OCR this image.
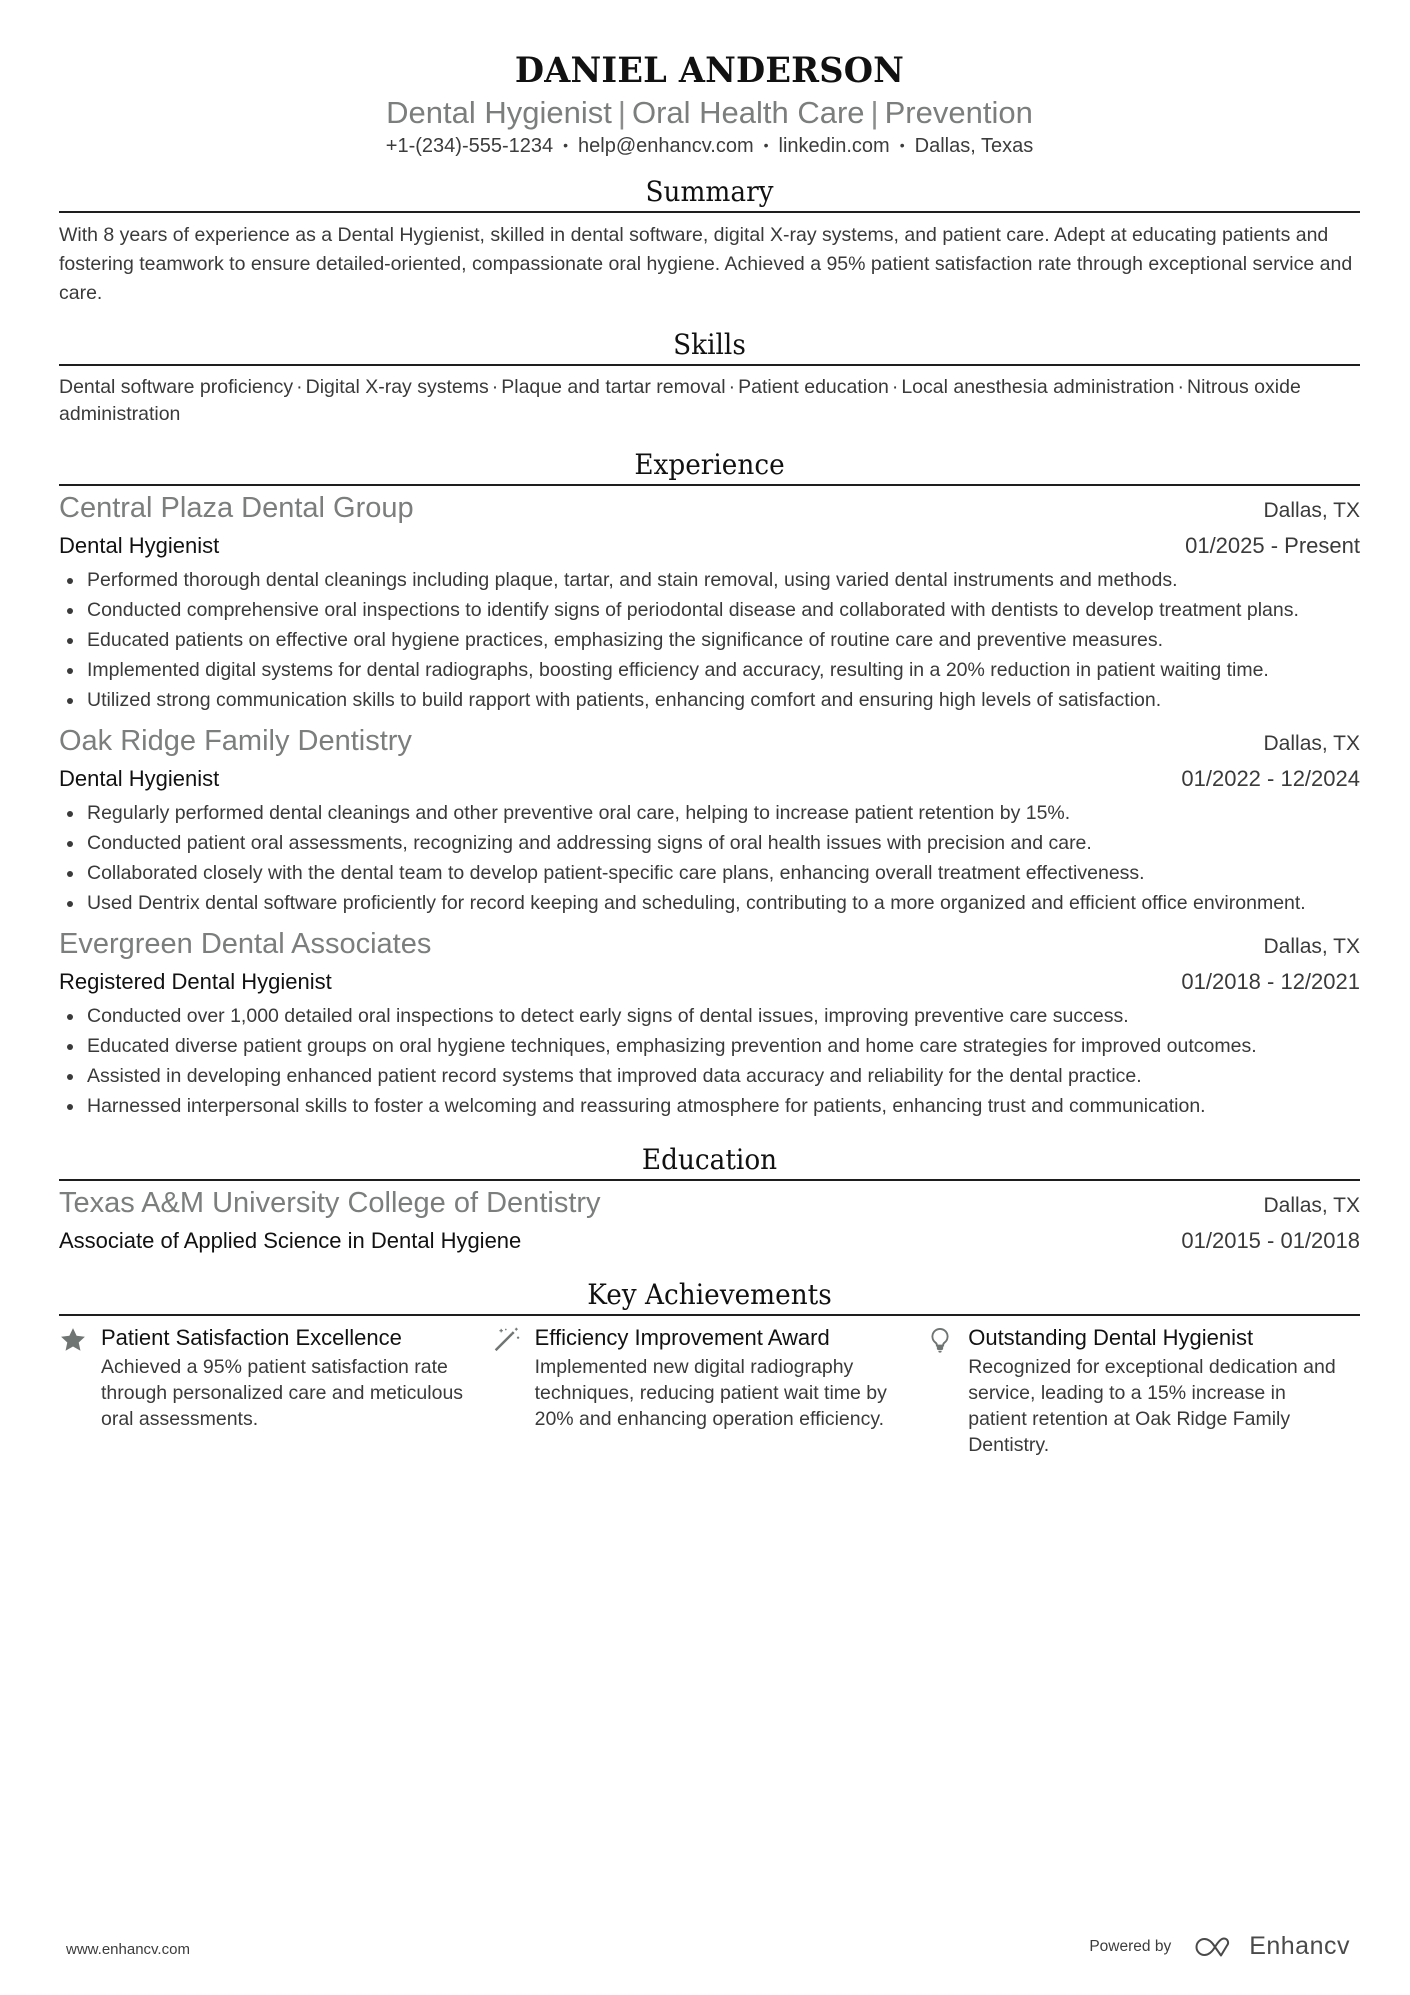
DANIEL ANDERSON
Dental Hygienist | Oral Health Care | Prevention
+1-(234)-555-1234 • help@enhancv.com • linkedin.com • Dallas, Texas
Summary
With 8 years of experience as a Dental Hygienist, skilled in dental software, digital X-ray systems, and patient care. Adept at educating patients and fostering teamwork to ensure detailed-oriented, compassionate oral hygiene. Achieved a 95% patient satisfaction rate through exceptional service and care.
Skills
Dental software proficiency · Digital X-ray systems · Plaque and tartar removal · Patient education · Local anesthesia administration · Nitrous oxide administration
Experience
Central Plaza Dental Group	Dallas, TX
Dental Hygienist	01/2025 - Present
Performed thorough dental cleanings including plaque, tartar, and stain removal, using varied dental instruments and methods.
Conducted comprehensive oral inspections to identify signs of periodontal disease and collaborated with dentists to develop treatment plans.
Educated patients on effective oral hygiene practices, emphasizing the significance of routine care and preventive measures.
Implemented digital systems for dental radiographs, boosting efficiency and accuracy, resulting in a 20% reduction in patient waiting time.
Utilized strong communication skills to build rapport with patients, enhancing comfort and ensuring high levels of satisfaction.
Oak Ridge Family Dentistry	Dallas, TX
Dental Hygienist	01/2022 - 12/2024
Regularly performed dental cleanings and other preventive oral care, helping to increase patient retention by 15%.
Conducted patient oral assessments, recognizing and addressing signs of oral health issues with precision and care.
Collaborated closely with the dental team to develop patient-specific care plans, enhancing overall treatment effectiveness.
Used Dentrix dental software proficiently for record keeping and scheduling, contributing to a more organized and efficient office environment.
Evergreen Dental Associates	Dallas, TX
Registered Dental Hygienist	01/2018 - 12/2021
Conducted over 1,000 detailed oral inspections to detect early signs of dental issues, improving preventive care success.
Educated diverse patient groups on oral hygiene techniques, emphasizing prevention and home care strategies for improved outcomes.
Assisted in developing enhanced patient record systems that improved data accuracy and reliability for the dental practice.
Harnessed interpersonal skills to foster a welcoming and reassuring atmosphere for patients, enhancing trust and communication.
Education
Texas A&M University College of Dentistry	Dallas, TX
Associate of Applied Science in Dental Hygiene	01/2015 - 01/2018
Key Achievements
Patient Satisfaction Excellence
Achieved a 95% patient satisfaction rate through personalized care and meticulous oral assessments.
Efficiency Improvement Award
Implemented new digital radiography techniques, reducing patient wait time by 20% and enhancing operation efficiency.
Outstanding Dental Hygienist
Recognized for exceptional dedication and service, leading to a 15% increase in patient retention at Oak Ridge Family Dentistry.
www.enhancv.com	Powered by	Enhancv
